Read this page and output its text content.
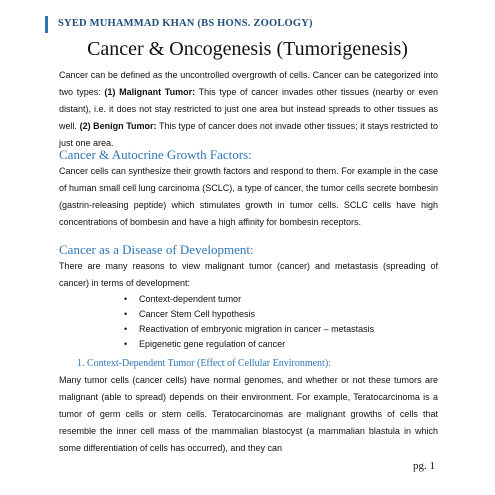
SYED MUHAMMAD KHAN (BS HONS. ZOOLOGY)
Cancer & Oncogenesis (Tumorigenesis)

Cancer can be defined as the uncontrolled overgrowth of cells. Cancer can be categorized into two types: (1) Malignant Tumor: This type of cancer invades other tissues (nearby or even distant), i.e. it does not stay restricted to just one area but instead spreads to other tissues as well. (2) Benign Tumor: This type of cancer does not invade other tissues; it stays restricted to just one area.

Cancer & Autocrine Growth Factors:

Cancer cells can synthesize their growth factors and respond to them. For example in the case of human small cell lung carcinoma (SCLC), a type of cancer, the tumor cells secrete bombesin (gastrin-releasing peptide) which stimulates growth in tumor cells. SCLC cells have high concentrations of bombesin and have a high affinity for bombesin receptors.

Cancer as a Disease of Development:

There are many reasons to view malignant tumor (cancer) and metastasis (spreading of cancer) in terms of development:

• Context-dependent tumor
• Cancer Stem Cell hypothesis
• Reactivation of embryonic migration in cancer – metastasis
• Epigenetic gene regulation of cancer
1. Context-Dependent Tumor (Effect of Cellular Environment):

Many tumor cells (cancer cells) have normal genomes, and whether or not these tumors are malignant (able to spread) depends on their environment. For example, Teratocarcinoma is a tumor of germ cells or stem cells. Teratocarcinomas are malignant growths of cells that resemble the inner cell mass of the mammalian blastocyst (a mammalian blastula in which some differentiation of cells has occurred), and they can

pg. 1
